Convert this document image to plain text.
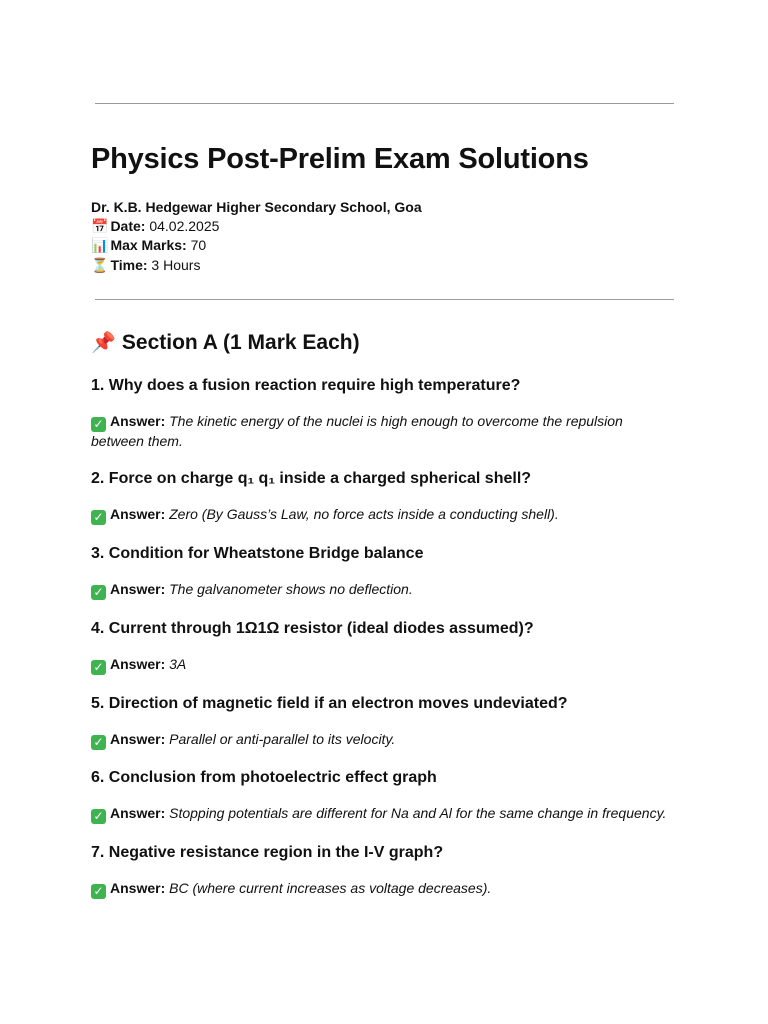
Physics Post-Prelim Exam Solutions
Dr. K.B. Hedgewar Higher Secondary School, Goa
📅 Date: 04.02.2025
📊 Max Marks: 70
⏳ Time: 3 Hours
📌 Section A (1 Mark Each)

1. Why does a fusion reaction require high temperature?

✓ Answer: The kinetic energy of the nuclei is high enough to overcome the repulsion between them.

2. Force on charge q₁ q₁ inside a charged spherical shell?

✓ Answer: Zero (By Gauss’s Law, no force acts inside a conducting shell).

3. Condition for Wheatstone Bridge balance

✓ Answer: The galvanometer shows no deflection.

4. Current through 1Ω1Ω resistor (ideal diodes assumed)?

✓ Answer: 3A

5. Direction of magnetic field if an electron moves undeviated?

✓ Answer: Parallel or anti-parallel to its velocity.

6. Conclusion from photoelectric effect graph

✓ Answer: Stopping potentials are different for Na and Al for the same change in frequency.

7. Negative resistance region in the I-V graph?

✓ Answer: BC (where current increases as voltage decreases).
